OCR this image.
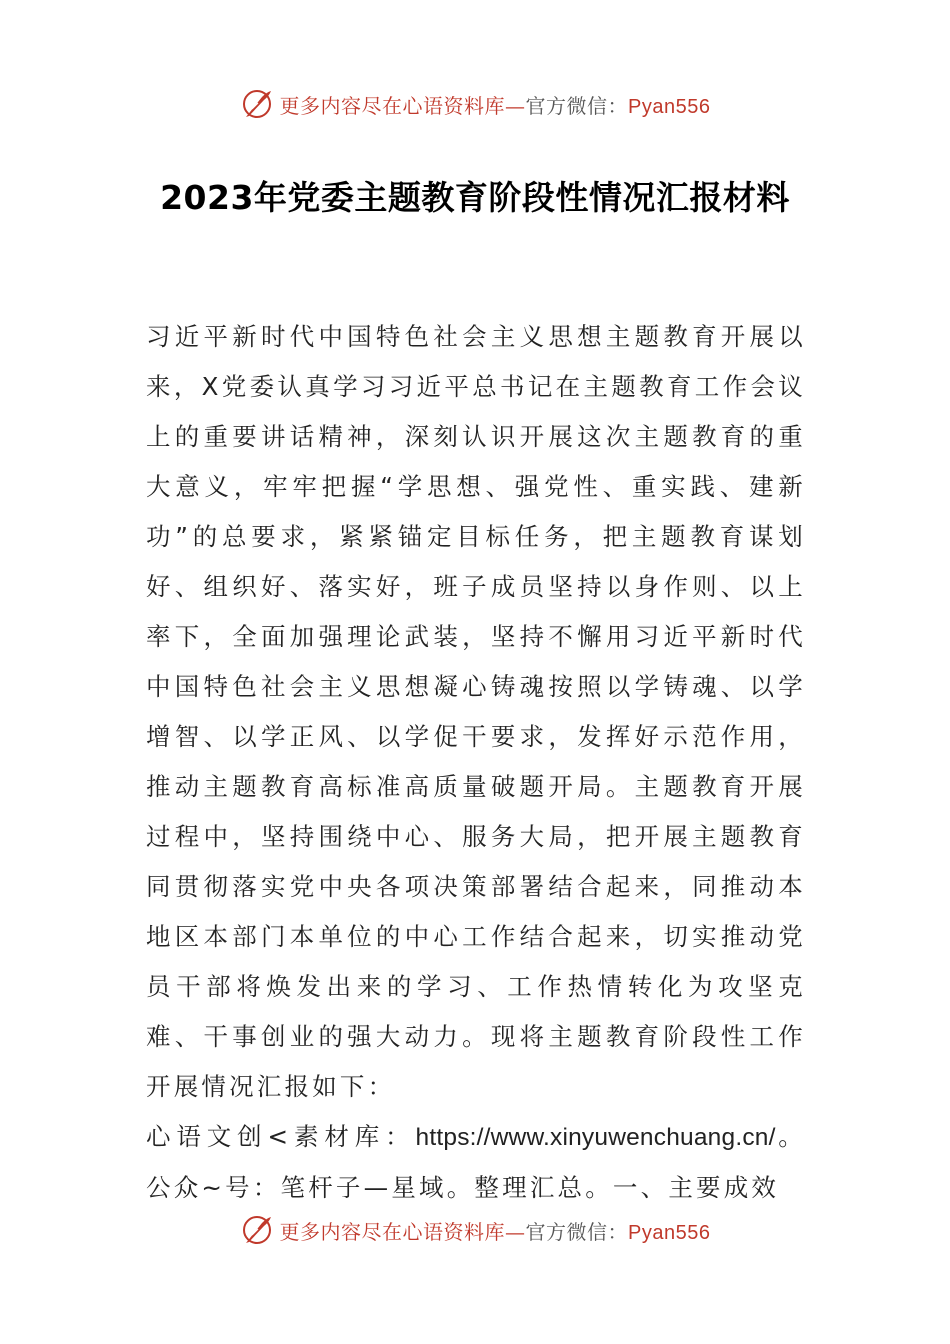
更多内容尽在心语资料库—官方微信：Pyan556
2023年党委主题教育阶段性情况汇报材料

习近平新时代中国特色社会主义思想主题教育开展以来，X党委认真学习习近平总书记在主题教育工作会议上的重要讲话精神，深刻认识开展这次主题教育的重大意义，牢牢把握“学思想、强党性、重实践、建新功”的总要求，紧紧锚定目标任务，把主题教育谋划好、组织好、落实好，班子成员坚持以身作则、以上率下，全面加强理论武装，坚持不懈用习近平新时代中国特色社会主义思想凝心铸魂按照以学铸魂、以学增智、以学正风、以学促干要求，发挥好示范作用，推动主题教育高标准高质量破题开局。主题教育开展过程中，坚持围绕中心、服务大局，把开展主题教育同贯彻落实党中央各项决策部署结合起来，同推动本地区本部门本单位的中心工作结合起来，切实推动党员干部将焕发出来的学习、工作热情转化为攻坚克难、干事创业的强大动力。现将主题教育阶段性工作开展情况汇报如下：

心语文创<素材库：https://www.xinyuwenchuang.cn/。公众~号：笔杆子—星域。整理汇总。一、主要成效

更多内容尽在心语资料库—官方微信：Pyan556
